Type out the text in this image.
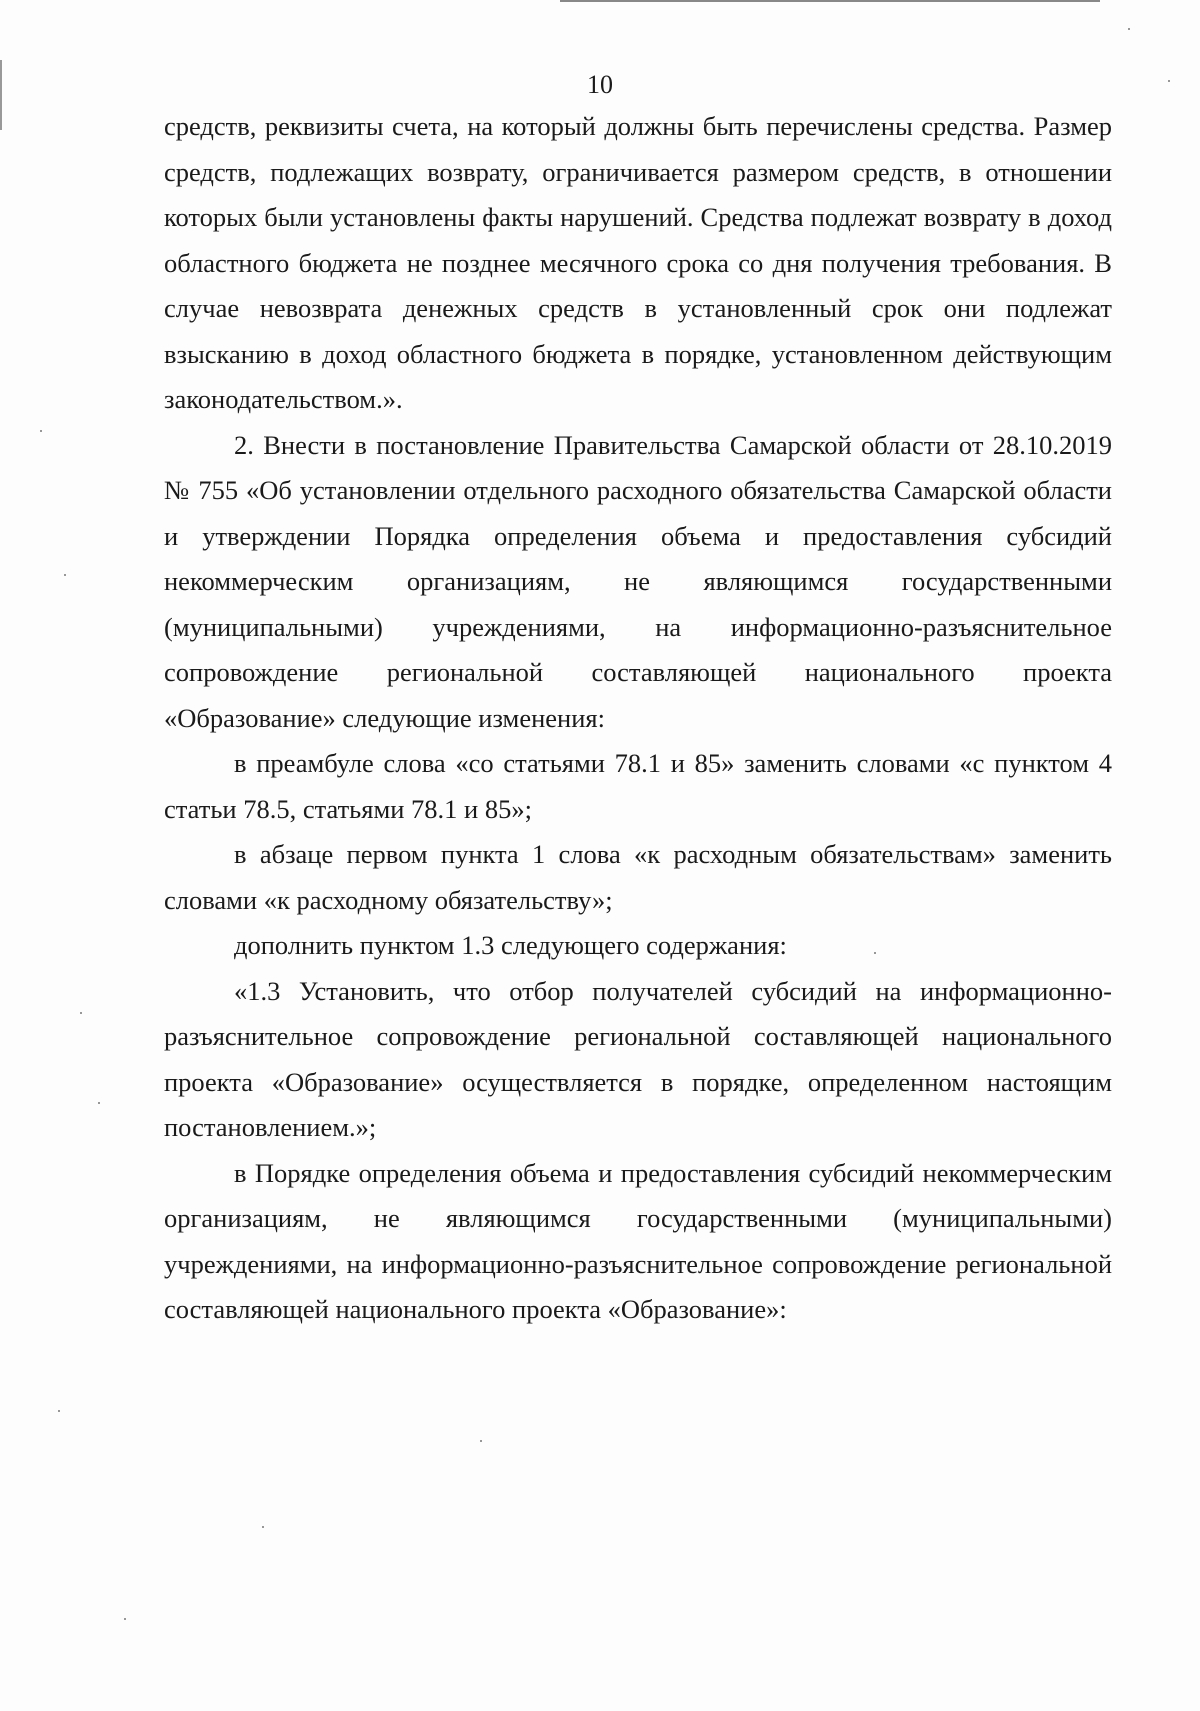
10

средств, реквизиты счета, на который должны быть перечислены средства. Размер средств, подлежащих возврату, ограничивается размером средств, в отношении которых были установлены факты нарушений. Средства подлежат возврату в доход областного бюджета не позднее месячного срока со дня получения требования. В случае невозврата денежных средств в установленный срок они подлежат взысканию в доход областного бюджета в порядке, установленном действующим законодательством.».

2. Внести в постановление Правительства Самарской области от 28.10.2019 № 755 «Об установлении отдельного расходного обязательства Самарской области и утверждении Порядка определения объема и предоставления субсидий некоммерческим организациям, не являющимся государственными (муниципальными) учреждениями, на информационно-разъяснительное сопровождение региональной составляющей национального проекта «Образование» следующие изменения:

в преамбуле слова «со статьями 78.1 и 85» заменить словами «с пунктом 4 статьи 78.5, статьями 78.1 и 85»;

в абзаце первом пункта 1 слова «к расходным обязательствам» заменить словами «к расходному обязательству»;

дополнить пунктом 1.3 следующего содержания:

«1.3 Установить, что отбор получателей субсидий на информационно-разъяснительное сопровождение региональной составляющей национального проекта «Образование» осуществляется в порядке, определенном настоящим постановлением.»;

в Порядке определения объема и предоставления субсидий некоммерческим организациям, не являющимся государственными (муниципальными) учреждениями, на информационно-разъяснительное сопровождение региональной составляющей национального проекта «Образование»:
